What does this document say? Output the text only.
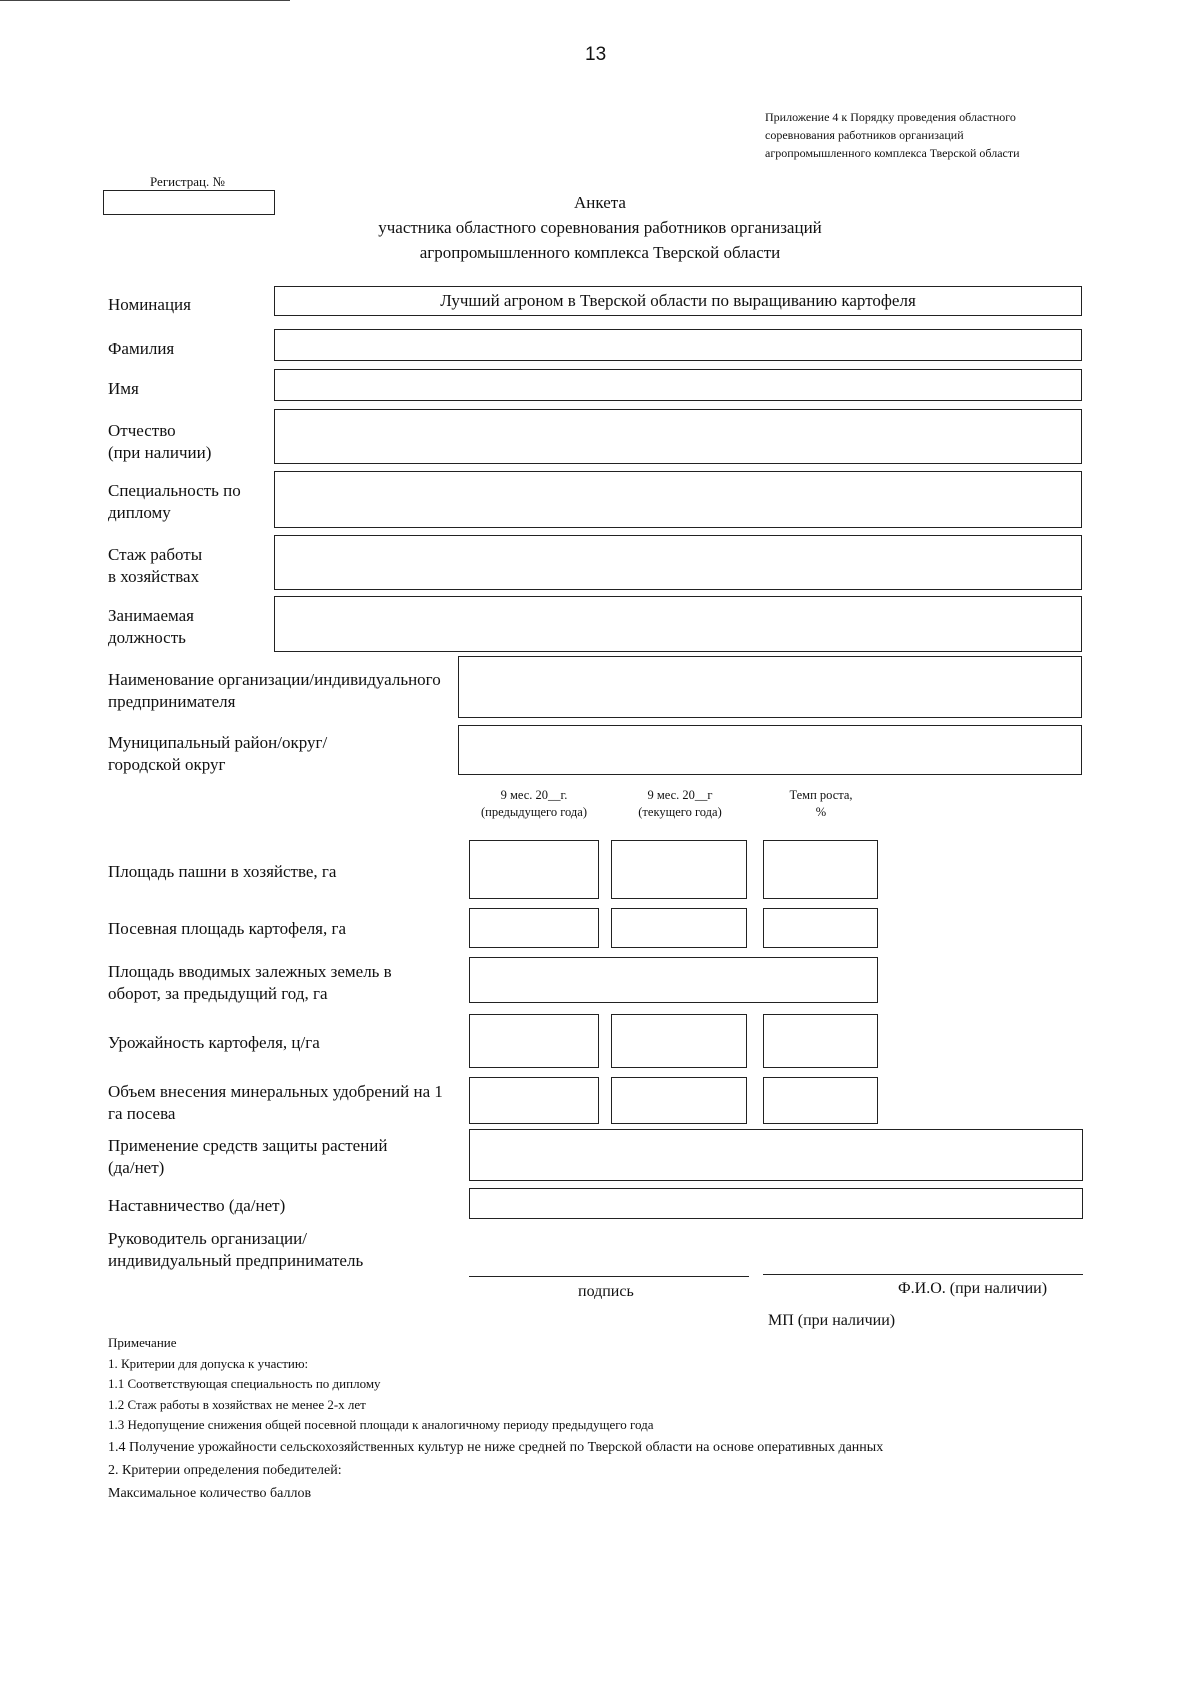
13
Приложение 4 к Порядку проведения областного
соревнования работников организаций
агропромышленного комплекса Тверской области
Регистрац. №
Анкета
участника областного соревнования работников организаций
агропромышленного комплекса Тверской области
Номинация	Лучший агроном в Тверской области по выращиванию картофеля
Фамилия
Имя
Отчество
(при наличии)
Специальность по
диплому
Стаж работы
в хозяйствах
Занимаемая
должность
Наименование организации/индивидуального
предпринимателя
Муниципальный район/округ/
городской округ
9 мес. 20__г.
(предыдущего года)
9 мес. 20__г
(текущего года)
Темп роста,
%
Площадь пашни в хозяйстве, га
Посевная площадь картофеля, га
Площадь вводимых залежных земель в
оборот, за предыдущий год, га
Урожайность картофеля, ц/га
Объем внесения минеральных удобрений на 1
га посева
Применение средств защиты растений
(да/нет)
Наставничество (да/нет)
Руководитель организации/
индивидуальный предприниматель
подпись	Ф.И.О. (при наличии)
МП (при наличии)
Примечание
1. Критерии для допуска к участию:
1.1 Соответствующая специальность по диплому
1.2 Стаж работы в хозяйствах не менее 2-х лет
1.3 Недопущение снижения общей посевной площади к аналогичному периоду предыдущего года
1.4 Получение урожайности сельскохозяйственных культур не ниже средней по Тверской области на основе оперативных данных
2. Критерии определения победителей:
Максимальное количество баллов
